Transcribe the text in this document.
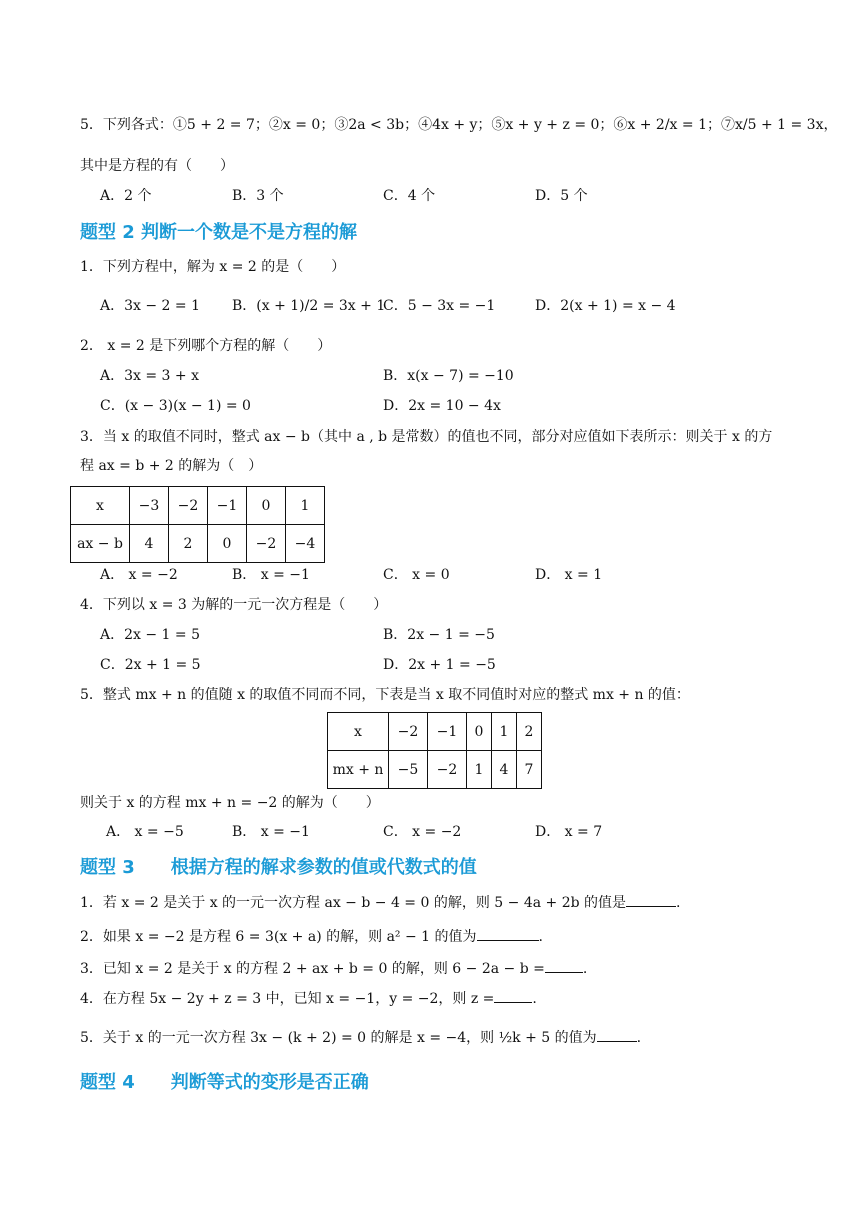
5．下列各式：①5 + 2 = 7；②x = 0；③2a < 3b；④4x + y；⑤x + y + z = 0；⑥x + 2/x = 1；⑦x/5 + 1 = 3x，
其中是方程的有（　　）
A．2 个	B．3 个	C．4 个	D．5 个
题型 2 判断一个数是不是方程的解
1．下列方程中，解为 x = 2 的是（　　）
A．3x − 2 = 1 B．(x + 1)/2 = 3x + 1
C．5 − 3x = −1	D．2(x + 1) = x − 4
2． x = 2 是下列哪个方程的解（　　）
A．3x = 3 + x	B．x(x − 7) = −10
C．(x − 3)(x − 1) = 0	D．2x = 10 − 4x
3．当 x 的取值不同时，整式 ax − b（其中 a , b 是常数）的值也不同，部分对应值如下表所示：则关于 x 的方
程 ax = b + 2 的解为（　）
x	−3	−2	−1	0	1
ax − b	4	2	0	−2	−4
A． x = −2	B． x = −1	C． x = 0	D． x = 1
4．下列以 x = 3 为解的一元一次方程是（　　）
A．2x − 1 = 5	B．2x − 1 = −5
C．2x + 1 = 5	D．2x + 1 = −5
5．整式 mx + n 的值随 x 的取值不同而不同，下表是当 x 取不同值时对应的整式 mx + n 的值：
x	−2	−1	0	1	2
mx + n	−5	−2	1	4	7
则关于 x 的方程 mx + n = −2 的解为（　　）
A． x = −5	B． x = −1	C． x = −2	D． x = 7
题型 3　　根据方程的解求参数的值或代数式的值
1．若 x = 2 是关于 x 的一元一次方程 ax − b − 4 = 0 的解，则 5 − 4a + 2b 的值是	.
2．如果 x = −2 是方程 6 = 3(x + a) 的解，则 a² − 1 的值为	.
3．已知 x = 2 是关于 x 的方程 2 + ax + b = 0 的解，则 6 − 2a − b =	.
4．在方程 5x − 2y + z = 3 中，已知 x = −1，y = −2，则 z =	.
5．关于 x 的一元一次方程 3x − (k + 2) = 0 的解是 x = −4，则 ½k + 5 的值为	.
题型 4　　判断等式的变形是否正确
